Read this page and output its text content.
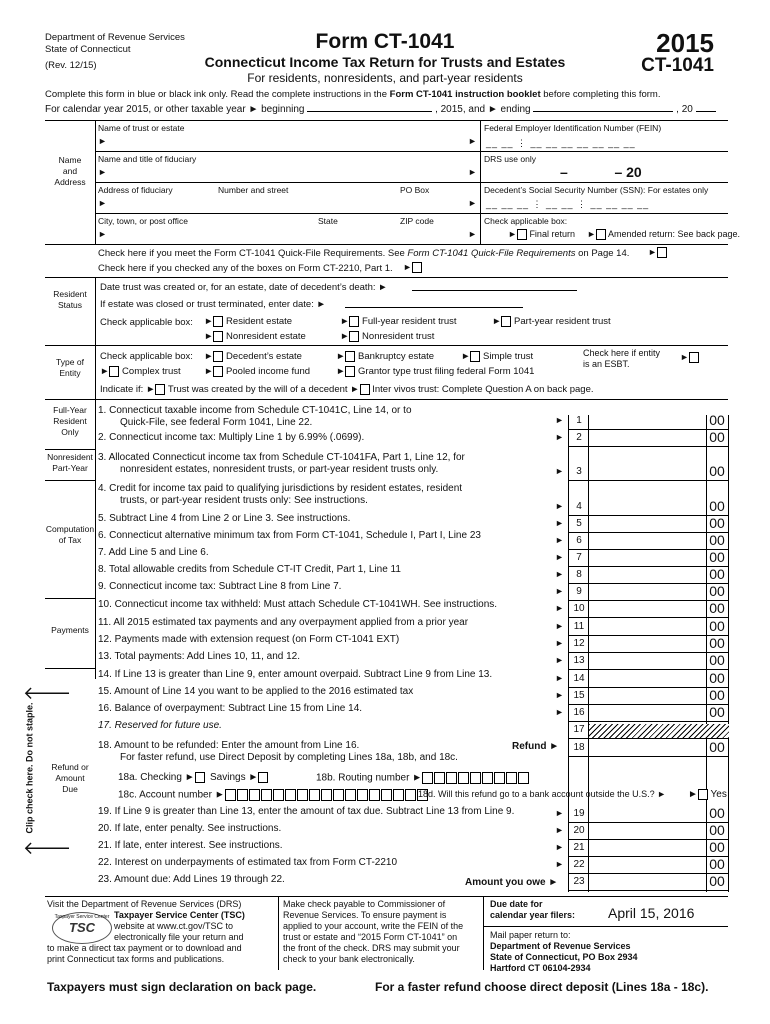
Department of Revenue Services
State of Connecticut
(Rev. 12/15)
Form CT-1041
Connecticut Income Tax Return for Trusts and Estates
For residents, nonresidents, and part-year residents
2015
CT-1041
Complete this form in blue or black ink only. Read the complete instructions in the Form CT-1041 instruction booklet before completing this form.
For calendar year 2015, or other taxable year ► beginning	, 2015, and ► ending	, 20
Name
and
Address
Name of trust or estate
►	►
Federal Employer Identification Number (FEIN)
__ __ ⋮ __ __ __ __ __ __ __
Name and title of fiduciary
►	►
DRS use only
–            – 20
Address of fiduciary	Number and street	PO Box
►	►
Decedent’s Social Security Number (SSN): For estates only
__ __ __ ⋮ __ __ ⋮ __ __ __ __
City, town, or post office	State	ZIP code
►	►
Check applicable box:
► Final return ► Amended return: See back page.
Check here if you meet the Form CT-1041 Quick-File Requirements. See Form CT-1041 Quick-File Requirements on Page 14. ►
Check here if you checked any of the boxes on Form CT-2210, Part 1. ►
Resident
Status
Date trust was created or, for an estate, date of decedent’s death: ►
If estate was closed or trust terminated, enter date: ►
Check applicable box: ► Resident estate	► Full-year resident trust	► Part-year resident trust
► Nonresident estate	► Nonresident trust
Type of
Entity
Check applicable box: ► Decedent’s estate	► Bankruptcy estate	► Simple trust	Check here if entity
is an ESBT.
►
► Complex trust ► Pooled income fund	► Grantor type trust filing federal Form 1041
Indicate if: ► Trust was created by the will of a decedent ► Inter vivos trust: Complete Question A on back page.
1. Connecticut taxable income from Schedule CT-1041C, Line 14, or to
Quick-File, see federal Form 1041, Line 22.	►	1	00
2. Connecticut income tax: Multiply Line 1 by 6.99% (.0699).	►	2	00
3. Allocated Connecticut income tax from Schedule CT-1041FA, Part 1, Line 12, for
nonresident estates, nonresident trusts, or part-year resident trusts only.	►	3	00
4. Credit for income tax paid to qualifying jurisdictions by resident estates, resident
trusts, or part-year resident trusts only: See instructions.	►	4	00
5. Subtract Line 4 from Line 2 or Line 3. See instructions.	►	5	00
6. Connecticut alternative minimum tax from Form CT-1041, Schedule I, Part I, Line 23	►	6	00
7. Add Line 5 and Line 6.	►	7	00
8. Total allowable credits from Schedule CT-IT Credit, Part 1, Line 11	►	8	00
9. Connecticut income tax: Subtract Line 8 from Line 7.	►	9	00
10. Connecticut income tax withheld: Must attach Schedule CT-1041WH. See instructions.	► 10	00
11. All 2015 estimated tax payments and any overpayment applied from a prior year	► 11	00
12. Payments made with extension request (on Form CT-1041 EXT)	► 12	00
13. Total payments: Add Lines 10, 11, and 12.	► 13	00
14. If Line 13 is greater than Line 9, enter amount overpaid. Subtract Line 9 from Line 13.	► 14	00
15. Amount of Line 14 you want to be applied to the 2016 estimated tax	► 15	00
16. Balance of overpayment: Subtract Line 15 from Line 14.	► 16	00
17. Reserved for future use.	17
18. Amount to be refunded: Enter the amount from Line 16.
For faster refund, use Direct Deposit by completing Lines 18a, 18b, and 18c.
18	00
19. If Line 9 is greater than Line 13, enter the amount of tax due. Subtract Line 13 from Line 9.	► 19	00
20. If late, enter penalty. See instructions.	► 20	00
21. If late, enter interest. See instructions.	► 21	00
22. Interest on underpayments of estimated tax from Form CT-2210	► 22	00
23. Amount due: Add Lines 19 through 22.	23	00
Full-Year
Resident
Only
Nonresident
Part-Year
Computation
of Tax
Payments
Refund or
Amount
Due
Clip check here. Do not staple.
🡐
🡐
Refund ►
18a. Checking ►	Savings ►	18b. Routing number ►
18c. Account number ►	18d. Will this refund go to a bank account outside the U.S.? ► ► Yes
Amount you owe ►
Visit the Department of Revenue Services (DRS)
Taxpayer Service Center (TSC)
website at www.ct.gov/TSC to
electronically file your return and
to make a direct tax payment or to download and
print Connecticut tax forms and publications.
Taxpayer Service Center
TSC
Make check payable to Commissioner of
Revenue Services. To ensure payment is
applied to your account, write the FEIN of the
trust or estate and “2015 Form CT-1041” on
the front of the check. DRS may submit your
check to your bank electronically.
Due date for
calendar year filers: April 15, 2016
Mail paper return to:
Department of Revenue Services
State of Connecticut, PO Box 2934
Hartford CT 06104-2934
Taxpayers must sign declaration on back page.	For a faster refund choose direct deposit (Lines 18a - 18c).
